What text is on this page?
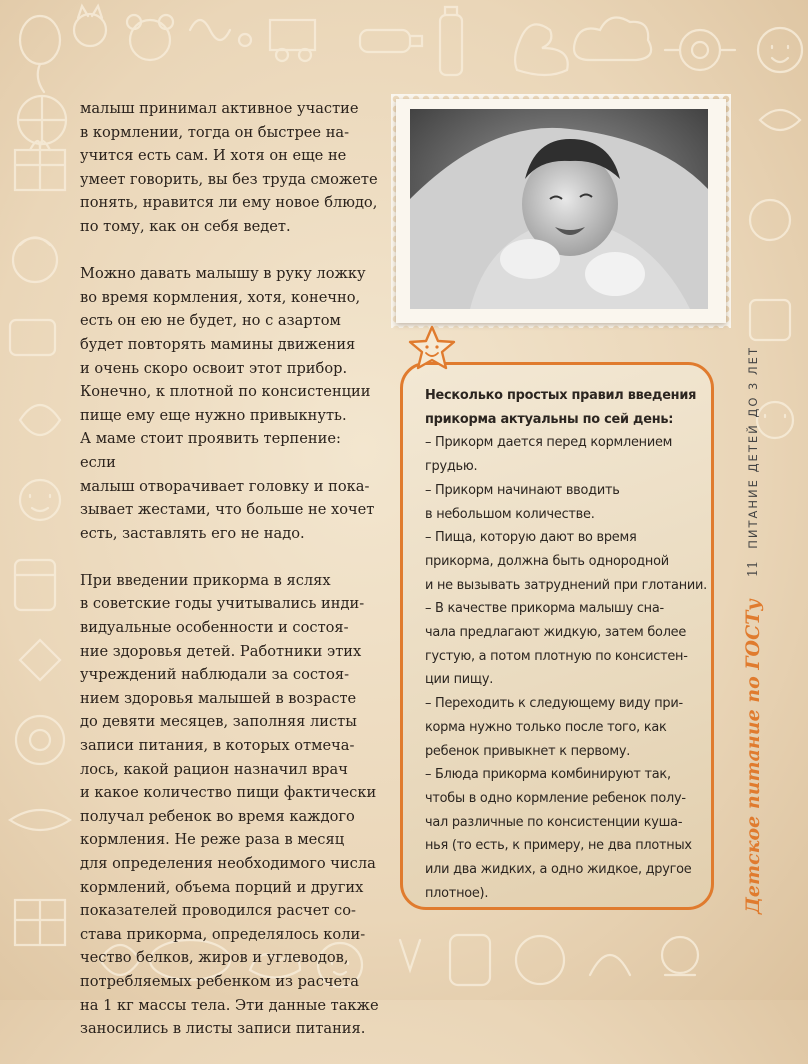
малыш принимал активное участие
в кормлении, тогда он быстрее на-
учится есть сам. И хотя он еще не
умеет говорить, вы без труда сможете
понять, нравится ли ему новое блюдо,
по тому, как он себя ведет.

Можно давать малышу в руку ложку
во время кормления, хотя, конечно,
есть он ею не будет, но с азартом
будет повторять мамины движения
и очень скоро освоит этот прибор.
Конечно, к плотной по консистенции
пище ему еще нужно привыкнуть.
А маме стоит проявить терпение: если
малыш отворачивает головку и пока-
зывает жестами, что больше не хочет
есть, заставлять его не надо.

При введении прикорма в яслях
в советские годы учитывались инди-
видуальные особенности и состоя-
ние здоровья детей. Работники этих
учреждений наблюдали за состоя-
нием здоровья малышей в возрасте
до девяти месяцев, заполняя листы
записи питания, в которых отмеча-
лось, какой рацион назначил врач
и какое количество пищи фактически
получал ребенок во время каждого
кормления. Не реже раза в месяц
для определения необходимого числа
кормлений, объема порций и других
показателей проводился расчет со-
става прикорма, определялось коли-
чество белков, жиров и углеводов,
потребляемых ребенком из расчета
на 1 кг массы тела. Эти данные также
заносились в листы записи питания.

Несколько простых правил введения
прикорма актуальны по сей день:
– Прикорм дается перед кормлением
грудью.
– Прикорм начинают вводить
в небольшом количестве.
– Пища, которую дают во время
прикорма, должна быть однородной
и не вызывать затруднений при глотании.
– В качестве прикорма малышу сна-
чала предлагают жидкую, затем более
густую, а потом плотную по консистен-
ции пищу.
– Переходить к следующему виду при-
корма нужно только после того, как
ребенок привыкнет к первому.
– Блюда прикорма комбинируют так,
чтобы в одно кормление ребенок полу-
чал различные по консистенции куша-
нья (то есть, к примеру, не два плотных
или два жидких, а одно жидкое, другое
плотное).	Детское питание по ГОСТу
11
ПИТАНИЕ ДЕТЕЙ ДО 3 ЛЕТ
